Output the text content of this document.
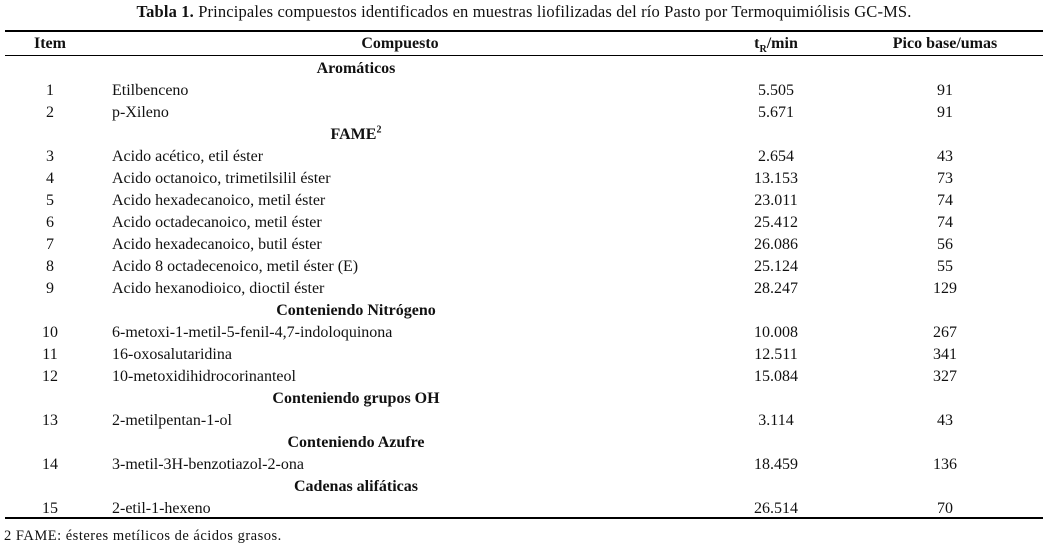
Tabla 1. Principales compuestos identificados en muestras liofilizadas del río Pasto por Termoquimiólisis GC-MS.
Item	Compuesto	$t_R/\min$	Pico base/umas
Aromáticos
1	Etilbenceno	5.505	91
2	p-Xileno	5.671	91
FAME$^2$
3	Acido acético, etil éster	2.654	43
4	Acido octanoico, trimetilsilil éster	13.153	73
5	Acido hexadecanoico, metil éster	23.011	74
6	Acido octadecanoico, metil éster	25.412	74
7	Acido hexadecanoico, butil éster	26.086	56
8	Acido 8 octadecenoico, metil éster (E)	25.124	55
9	Acido hexanodioico, dioctil éster	28.247	129
Conteniendo Nitrógeno
10	6-metoxi-1-metil-5-fenil-4,7-indoloquinona	10.008	267
11	16-oxosalutaridina	12.511	341
12	10-metoxidihidrocorinanteol	15.084	327
Conteniendo grupos OH
13	2-metilpentan-1-ol	3.114	43
Conteniendo Azufre
14	3-metil-3H-benzotiazol-2-ona	18.459	136
Cadenas alifáticas
15	2-etil-1-hexeno	26.514	70
2 FAME: ésteres metílicos de ácidos grasos.
